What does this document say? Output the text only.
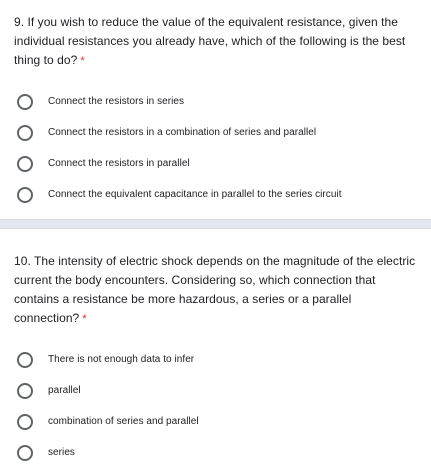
9. If you wish to reduce the value of the equivalent resistance, given the individual resistances you already have, which of the following is the best thing to do? *
Connect the resistors in series
Connect the resistors in a combination of series and parallel
Connect the resistors in parallel
Connect the equivalent capacitance in parallel to the series circuit
10. The intensity of electric shock depends on the magnitude of the electric current the body encounters. Considering so, which connection that contains a resistance be more hazardous, a series or a parallel connection? *
There is not enough data to infer
parallel
combination of series and parallel
series
